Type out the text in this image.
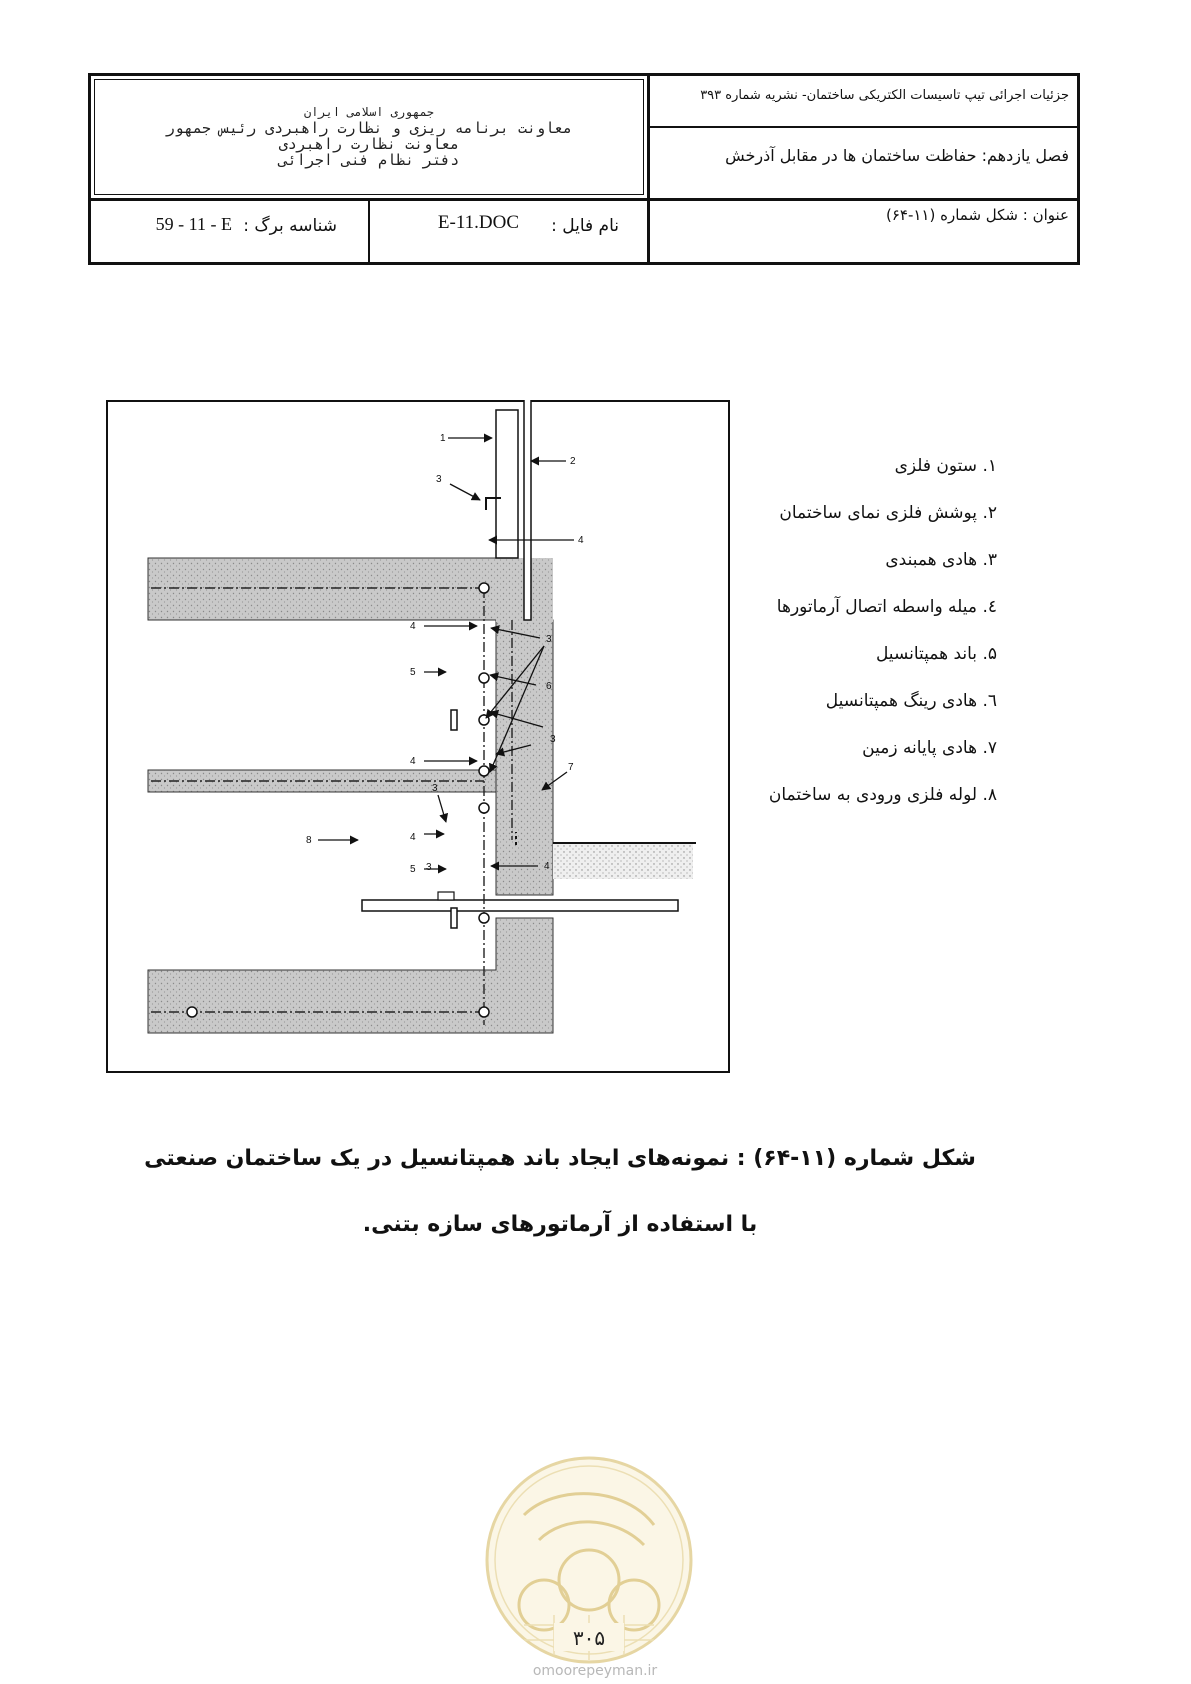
جزئیات اجرائی تیپ تاسیسات الکتریکی ساختمان- نشریه شماره ۳۹۳
فصل یازدهم: حفاظت ساختمان ها در مقابل آذرخش
عنوان : شکل شماره (۱۱-۶۴)
جمهوری اسلامی ایران
معاونت برنامه ریزی و نظارت راهبردی رئیس جمهور
معاونت نظارت راهبردی
دفتر نظام فنی اجرائی
نام فایل :
E-11.DOC
شناسه برگ :
59 - 11 - E
1
2
3
3
4
4
4
5
6
3
4
3
7
3
8
5	4
۱. ستون فلزی
۲. پوشش فلزی نمای ساختمان
۳. هادی همبندی
٤. میله واسطه اتصال آرماتورها
۵. باند همپتانسیل
٦. هادی رینگ همپتانسیل
۷. هادی پایانه زمین
۸. لوله فلزی ورودی به ساختمان
شکل شماره (۱۱-۶۴) : نمونه‌های ایجاد باند همپتانسیل در یک ساختمان صنعتی
با استفاده از آرماتورهای سازه بتنی.
۳۰۵
omoorepeyman.ir
